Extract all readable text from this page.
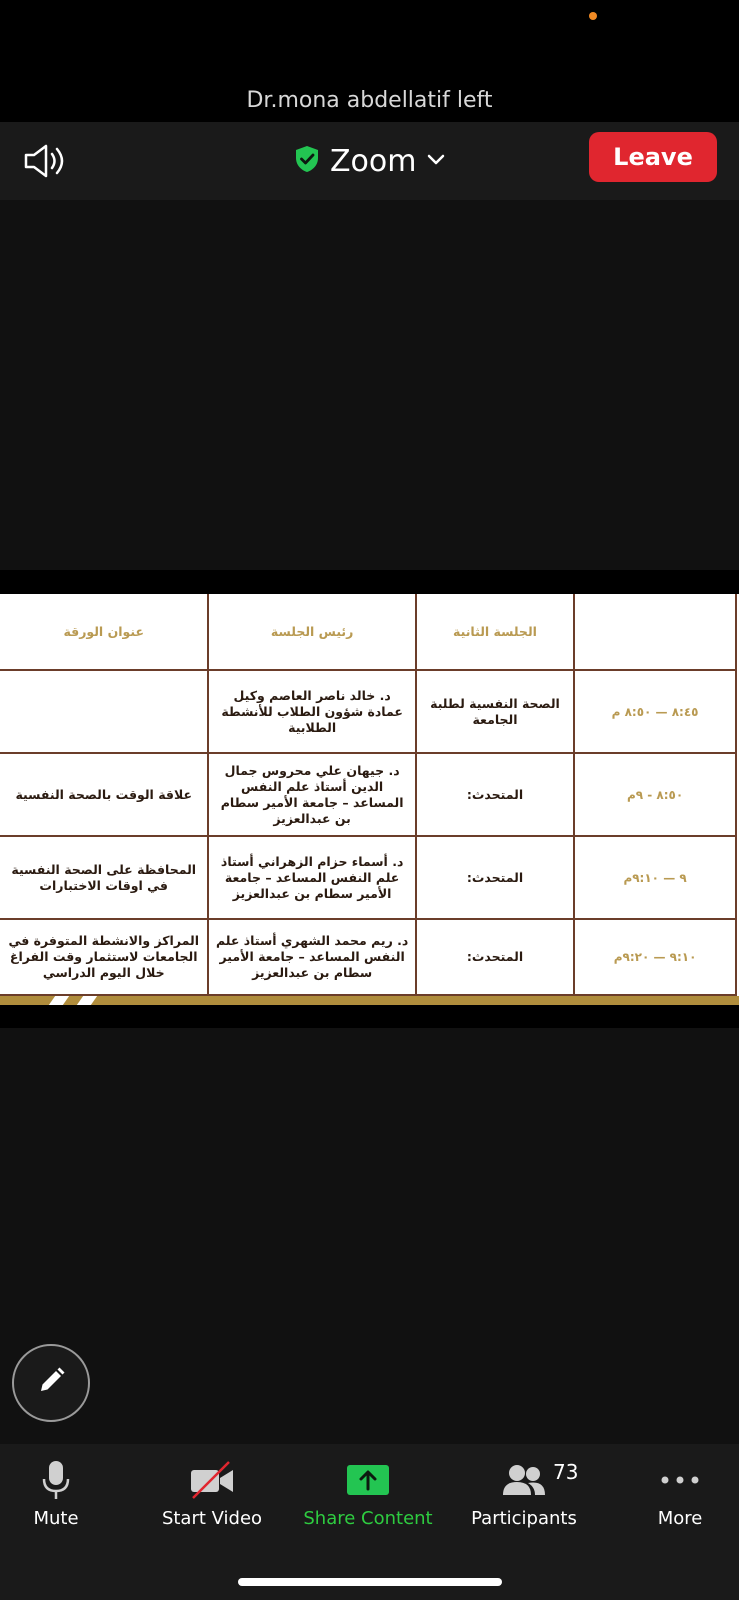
Dr.mona abdellatif left
Zoom	Leave
عنوان الورقة	رئيس الجلسة	الجلسة الثانية	
	د. خالد ناصر العاصم وكيل عمادة شؤون الطلاب للأنشطة الطلابية	الصحة النفسية لطلبة الجامعة	٨:٤٥ — ٨:٥٠ م
علاقة الوقت بالصحة النفسية	د. جيهان علي محروس جمال الدين أستاذ علم النفس المساعد – جامعة الأمير سطام بن عبدالعزيز	المتحدث:	٨:٥٠ - ٩م
المحافظة على الصحة النفسية في اوقات الاختبارات	د. أسماء حزام الزهراني أستاذ علم النفس المساعد – جامعة الأمير سطام بن عبدالعزيز	المتحدث:	٩ — ٩:١٠م
المراكز والانشطة المتوفرة في الجامعات لاستثمار وقت الفراغ خلال اليوم الدراسي	د. ريم محمد الشهري أستاذ علم النفس المساعد – جامعة الأمير سطام بن عبدالعزيز	المتحدث:	٩:١٠ — ٩:٢٠م
Mute	Start Video	Share Content	Participants	More
73
